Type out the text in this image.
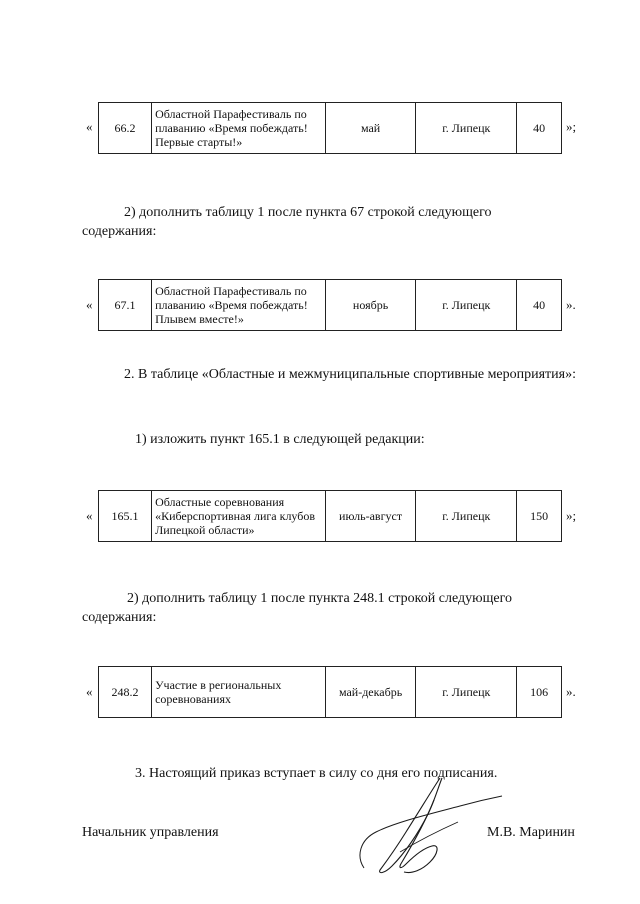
« 66.2	Областной Парафестиваль по плаванию «Время побеждать! Первые старты!»	май	г. Липецк	40 »;
2) дополнить таблицу 1 после пункта 67 строкой следующего содержания:
« 67.1	Областной Парафестиваль по плаванию «Время побеждать! Плывем вместе!»	ноябрь	г. Липецк	40 ».
2. В таблице «Областные и межмуниципальные спортивные мероприятия»:
1) изложить пункт 165.1 в следующей редакции:
« 165.1	Областные соревнования «Киберспортивная лига клубов Липецкой области»	июль-август	г. Липецк	150 »;
2) дополнить таблицу 1 после пункта 248.1 строкой следующего содержания:
« 248.2	Участие в региональных соревнованиях	май-декабрь	г. Липецк	106 ».
3. Настоящий приказ вступает в силу со дня его подписания.
Начальник управления	М.В. Маринин
